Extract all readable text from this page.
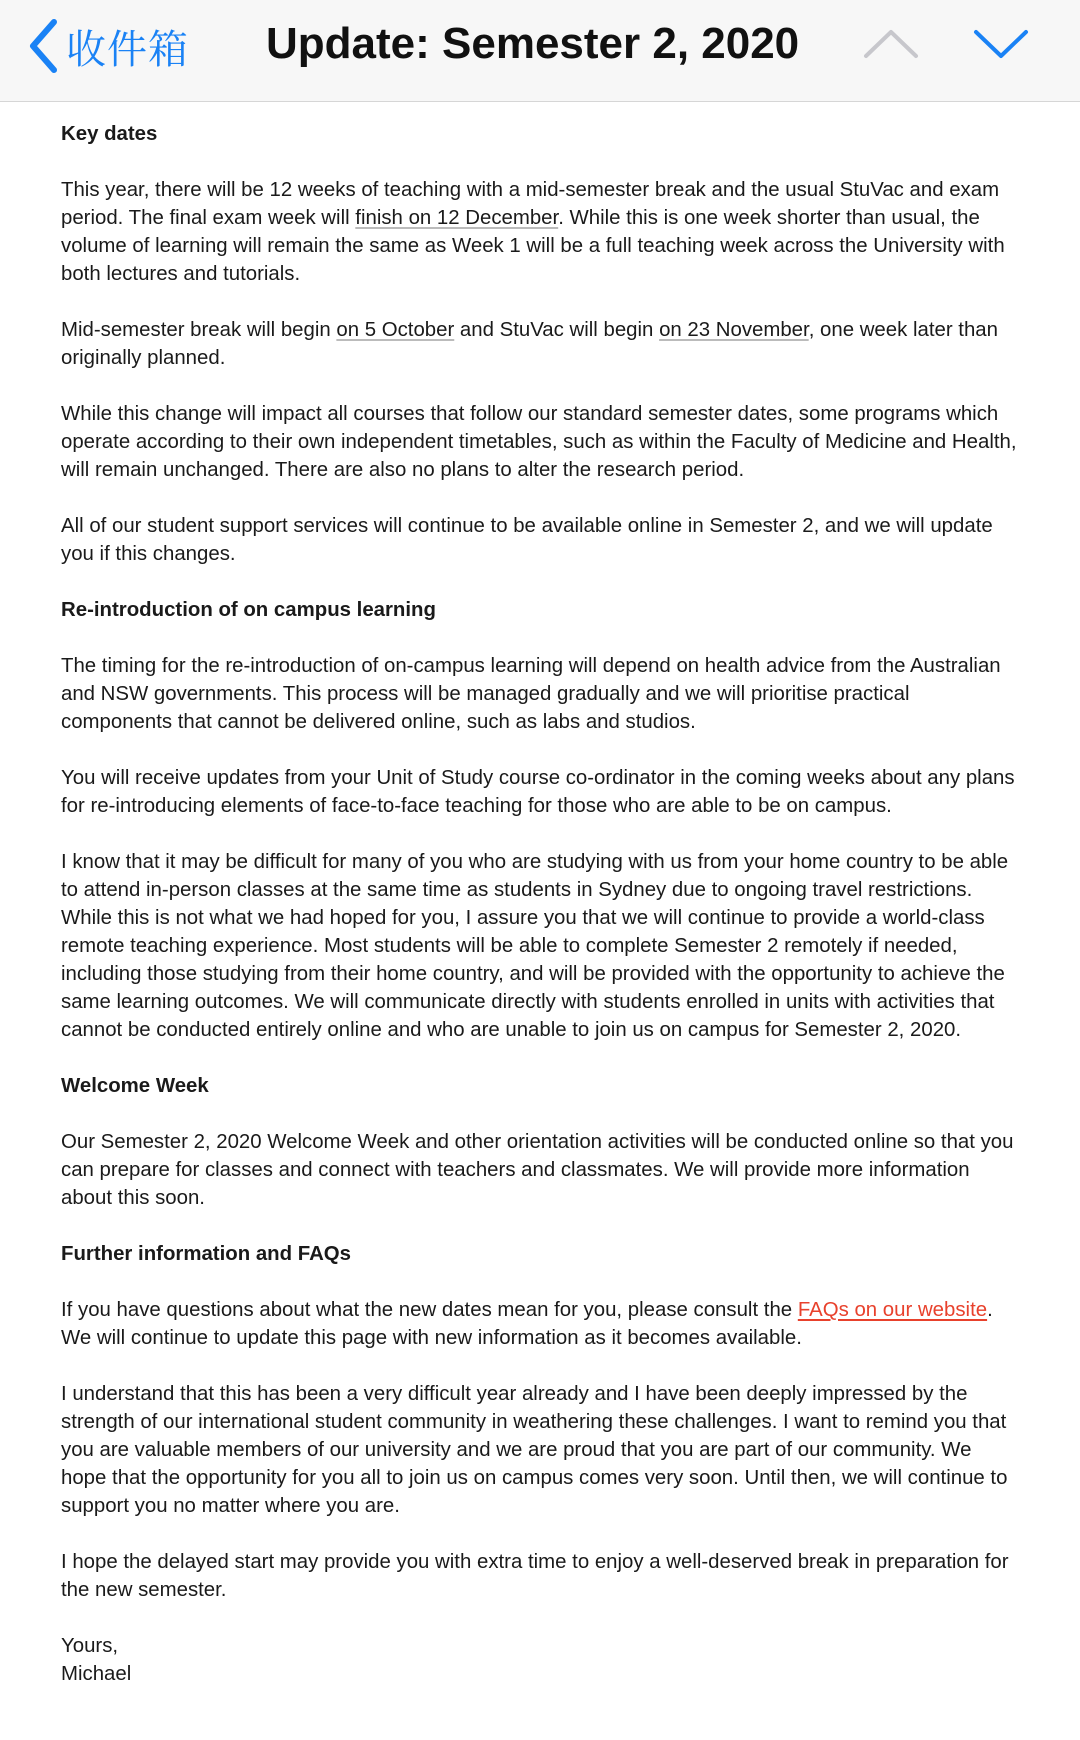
收件箱 Update: Semester 2, 2020
Key dates

This year, there will be 12 weeks of teaching with a mid-semester break and the usual StuVac and exam period. The final exam week will finish on 12 December. While this is one week shorter than usual, the volume of learning will remain the same as Week 1 will be a full teaching week across the University with both lectures and tutorials.

Mid-semester break will begin on 5 October and StuVac will begin on 23 November, one week later than originally planned.

While this change will impact all courses that follow our standard semester dates, some programs which operate according to their own independent timetables, such as within the Faculty of Medicine and Health, will remain unchanged. There are also no plans to alter the research period.

All of our student support services will continue to be available online in Semester 2, and we will update you if this changes.

Re-introduction of on campus learning

The timing for the re-introduction of on-campus learning will depend on health advice from the Australian and NSW governments. This process will be managed gradually and we will prioritise practical components that cannot be delivered online, such as labs and studios.

You will receive updates from your Unit of Study course co-ordinator in the coming weeks about any plans for re-introducing elements of face-to-face teaching for those who are able to be on campus.

I know that it may be difficult for many of you who are studying with us from your home country to be able to attend in-person classes at the same time as students in Sydney due to ongoing travel restrictions. While this is not what we had hoped for you, I assure you that we will continue to provide a world-class remote teaching experience. Most students will be able to complete Semester 2 remotely if needed, including those studying from their home country, and will be provided with the opportunity to achieve the same learning outcomes. We will communicate directly with students enrolled in units with activities that cannot be conducted entirely online and who are unable to join us on campus for Semester 2, 2020.

Welcome Week

Our Semester 2, 2020 Welcome Week and other orientation activities will be conducted online so that you can prepare for classes and connect with teachers and classmates. We will provide more information about this soon.

Further information and FAQs

If you have questions about what the new dates mean for you, please consult the FAQs on our website. We will continue to update this page with new information as it becomes available.

I understand that this has been a very difficult year already and I have been deeply impressed by the strength of our international student community in weathering these challenges. I want to remind you that you are valuable members of our university and we are proud that you are part of our community. We hope that the opportunity for you all to join us on campus comes very soon. Until then, we will continue to support you no matter where you are.

I hope the delayed start may provide you with extra time to enjoy a well-deserved break in preparation for the new semester.

Yours,
Michael
